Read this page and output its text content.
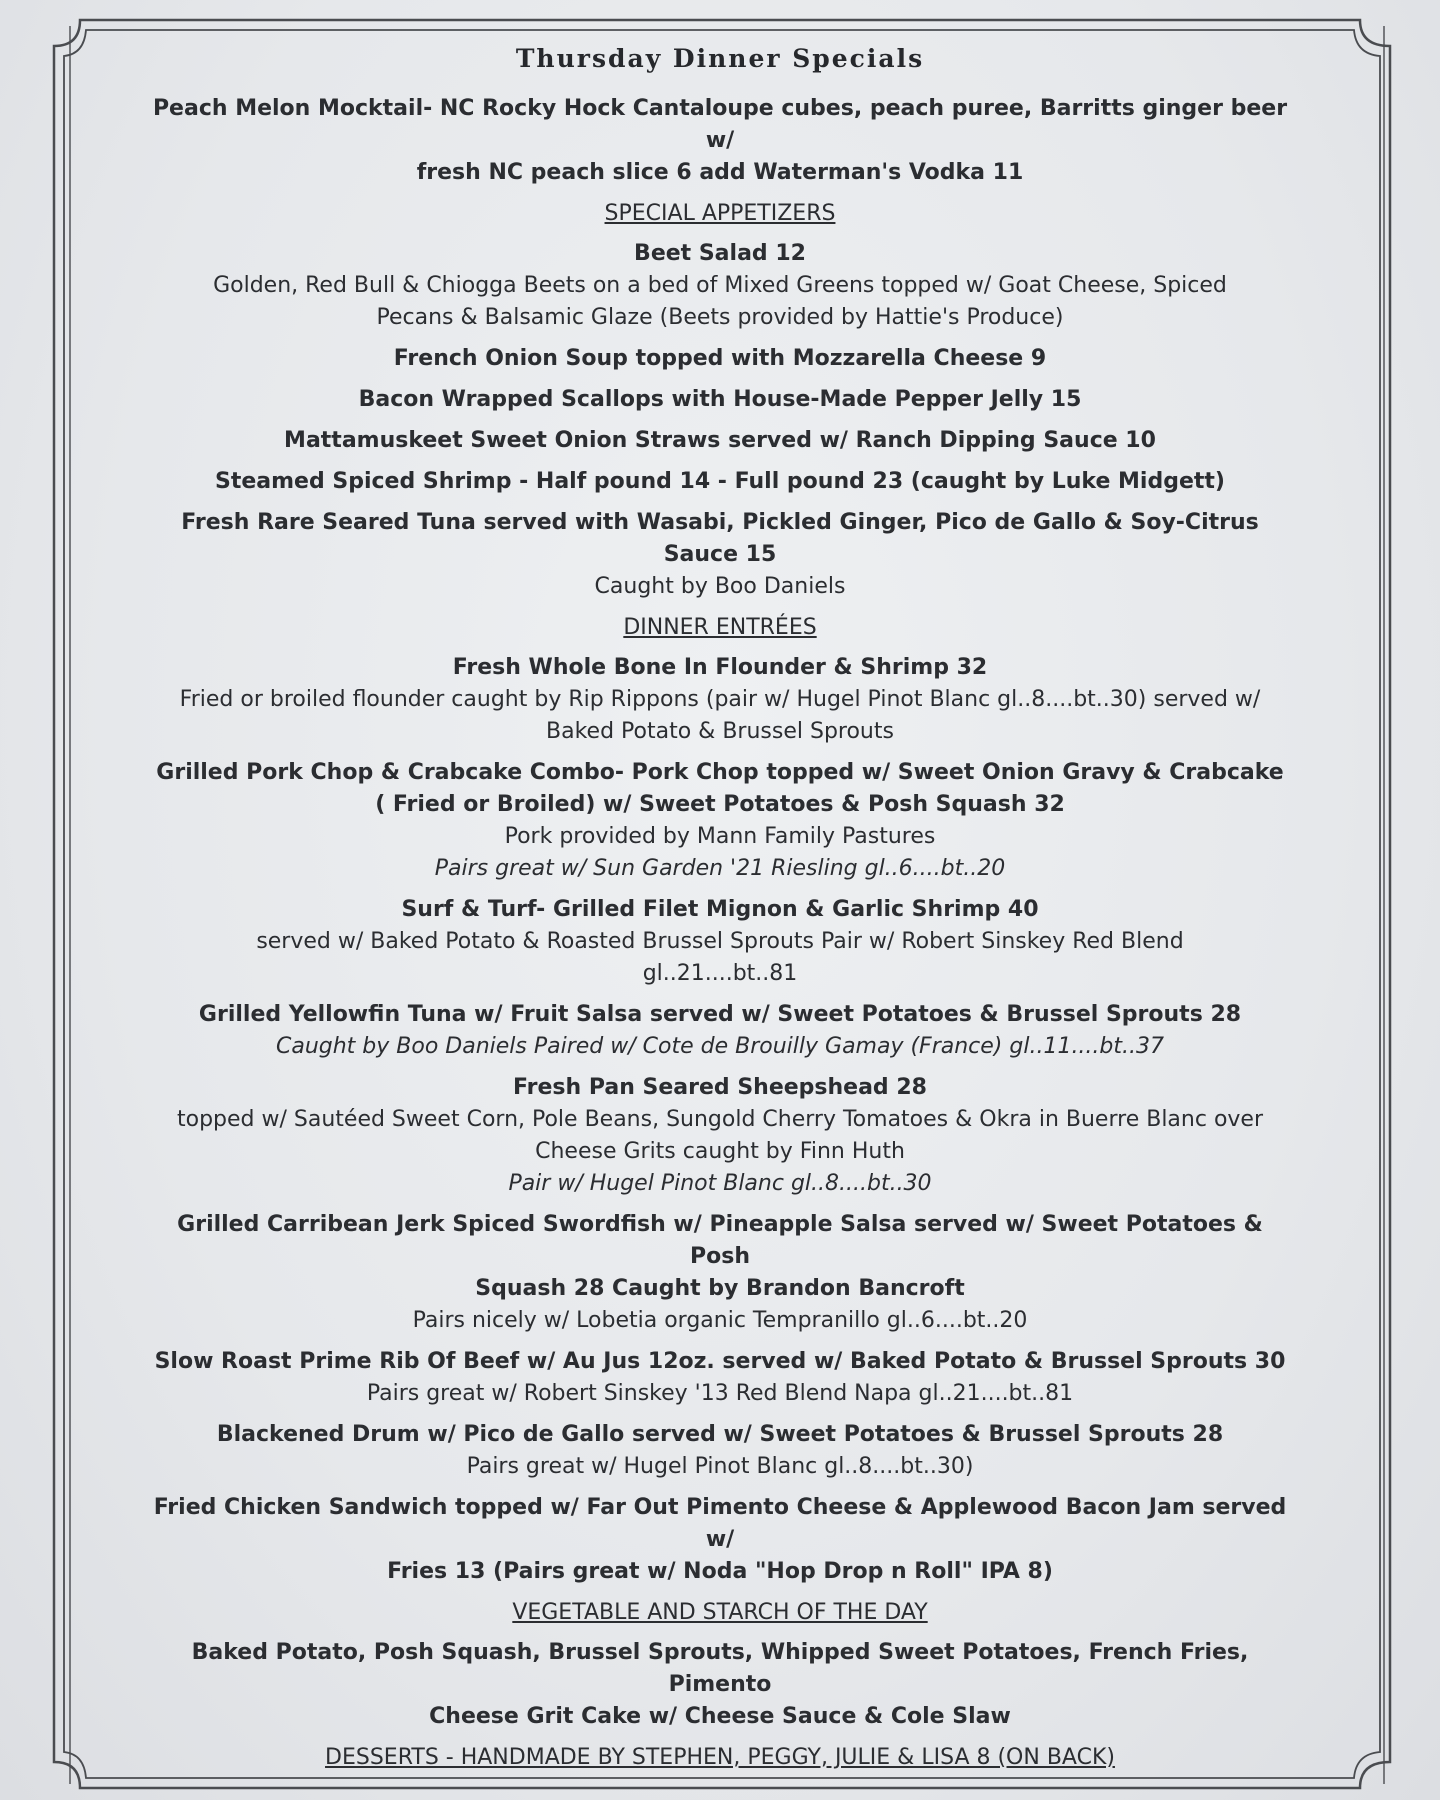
Thursday Dinner Specials
Peach Melon Mocktail- NC Rocky Hock Cantaloupe cubes, peach puree, Barritts ginger beer w/
fresh NC peach slice 6 add Waterman's Vodka 11
SPECIAL APPETIZERS
Beet Salad 12
Golden, Red Bull & Chiogga Beets on a bed of Mixed Greens topped w/ Goat Cheese, Spiced
Pecans & Balsamic Glaze (Beets provided by Hattie's Produce)
French Onion Soup topped with Mozzarella Cheese 9
Bacon Wrapped Scallops with House-Made Pepper Jelly 15
Mattamuskeet Sweet Onion Straws served w/ Ranch Dipping Sauce 10
Steamed Spiced Shrimp - Half pound 14 - Full pound 23 (caught by Luke Midgett)
Fresh Rare Seared Tuna served with Wasabi, Pickled Ginger, Pico de Gallo & Soy-Citrus Sauce 15
Caught by Boo Daniels
DINNER ENTRÉES
Fresh Whole Bone In Flounder & Shrimp 32
Fried or broiled flounder caught by Rip Rippons (pair w/ Hugel Pinot Blanc gl..8....bt..30) served w/
Baked Potato & Brussel Sprouts
Grilled Pork Chop & Crabcake Combo- Pork Chop topped w/ Sweet Onion Gravy & Crabcake
( Fried or Broiled) w/ Sweet Potatoes & Posh Squash 32
Pork provided by Mann Family Pastures
Pairs great w/ Sun Garden '21 Riesling gl..6....bt..20
Surf & Turf- Grilled Filet Mignon & Garlic Shrimp 40
served w/ Baked Potato & Roasted Brussel Sprouts Pair w/ Robert Sinskey Red Blend
gl..21....bt..81
Grilled Yellowfin Tuna w/ Fruit Salsa served w/ Sweet Potatoes & Brussel Sprouts 28
Caught by Boo Daniels Paired w/ Cote de Brouilly Gamay (France) gl..11....bt..37
Fresh Pan Seared Sheepshead 28
topped w/ Sautéed Sweet Corn, Pole Beans, Sungold Cherry Tomatoes & Okra in Buerre Blanc over
Cheese Grits caught by Finn Huth
Pair w/ Hugel Pinot Blanc gl..8....bt..30
Grilled Carribean Jerk Spiced Swordfish w/ Pineapple Salsa served w/ Sweet Potatoes & Posh
Squash 28 Caught by Brandon Bancroft
Pairs nicely w/ Lobetia organic Tempranillo gl..6....bt..20
Slow Roast Prime Rib Of Beef w/ Au Jus 12oz. served w/ Baked Potato & Brussel Sprouts 30
Pairs great w/ Robert Sinskey '13 Red Blend Napa gl..21....bt..81
Blackened Drum w/ Pico de Gallo served w/ Sweet Potatoes & Brussel Sprouts 28
Pairs great w/ Hugel Pinot Blanc gl..8....bt..30)
Fried Chicken Sandwich topped w/ Far Out Pimento Cheese & Applewood Bacon Jam served w/
Fries 13 (Pairs great w/ Noda "Hop Drop n Roll" IPA 8)
VEGETABLE AND STARCH OF THE DAY
Baked Potato, Posh Squash, Brussel Sprouts, Whipped Sweet Potatoes, French Fries, Pimento
Cheese Grit Cake w/ Cheese Sauce & Cole Slaw
DESSERTS - HANDMADE BY STEPHEN, PEGGY, JULIE & LISA 8 (ON BACK)
